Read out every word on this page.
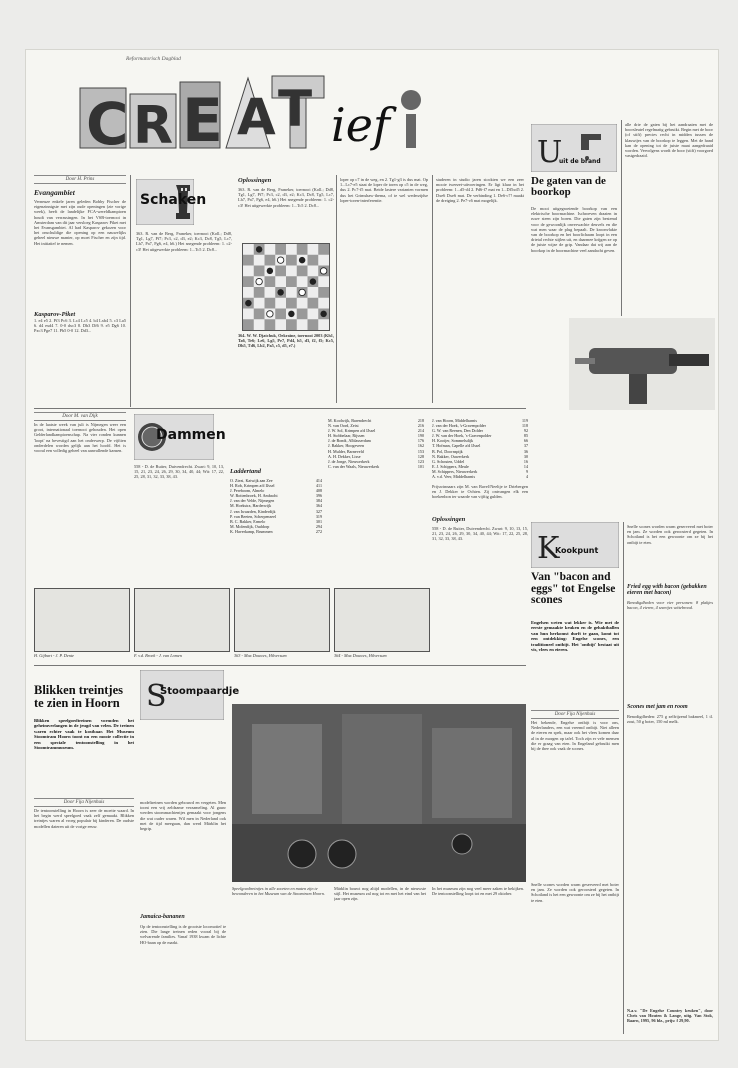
Reformatorisch Dagblad
C R E A T ief
Door H. Prins
Evangambiet
Verneuze enkele jaren geleden Bobby Fischer de eigenzinnigste met zijn oude openingen (zie vorige week), heeft de landelijke FCA-wereldkampioen houdt van verrassingen. In het VSB-toernooi in Amsterdam van dit jaar versloeg Kasparov Piket met het Evansgambiet. Al had Kasparov gekozen voor het onschuldige die opening op een nauwelijks geheel nieuwe manier, op moet Fischer en zijn tijd. Het initiatief te nemen.
Kasparov-Piket
1. e4 e5 2. Pf3 Pc6 3. Lc4 Lc5 4. b4 Lxb4 5. c3 La5 6. d4 exd4 7. 0-0 dxc3 8. Db3 Df6 9. e5 Dg6 10. Pxc3 Pge7 11. Pb5 0-0 12. Dd3...
Schaken
363. R. van de Berg, Franeker, toernooi (Koll.; Dd8, Tg1, Lg7, Pf7; Pc3, c2, d3, e2; Kc3, Dc8, Tg5, Lc7, Lh7, Pa7, Pg6, e4, h6.) Het snegende probleem: 1. c2-c3! Het uitgewerkte probleem: 1...Tc5 2. Dc8...
Oplossingen
363. R. van de Berg, Franeker, toernooi (Koll.; Dd8, Tg1, Lg7, Pf7; Pc3, c2, d3, e2; Kc3, Dc8, Tg5, Lc7, Lh7, Pa7, Pg6, e4, h6.) Het snegende probleem: 1. c2-c3! Het uitgewerkte probleem: 1...Tc5 2. Dc8...
364. W. W. Djatchuk, Oekraïne, toernooi 2003 (Kh1, Ta6, Te6; Le6, Lg5, Pe7, Pd4, h5, d3, f2, f5; Kc5, Dh5, Td6, Lb2, Pa5, c5, d5, e7.)
loper op c7 in de weg, en 2. Tg1-g3 is dus mat. Op 1...Lc7-e5 staat de loper de toren op c5 in de weg, dus 2. Pc7-f5 mat. Beide lastere varianten vormen dus het Grimshaw-thema, of te wel wederzijdse loper-toren-interferentie.
studeren in studio jaren stockten we een zeer mooie tweezet-uitvoeringen. Er ligt klaar in het probleem: 1...d5-d4 2. Pd6-f7 mat en 1...Df5xd5 2. Dxe6 Dxe6 mat. De verbinding 1. De6-c7! maakt de dreiging 2. Pe7-c6 mat mogelijk.
U
uit de brand
De gaten van de boorkop
De mooi uitgegroeiende boorkop van een elektrische boormachine. Ischroeven draaien in ruwe steen zijn boren. Die gaten zijn bestemd voor de gewoonlijk onverwachte deuvels en die wat men waar de plug bepaalt. De kroonvlakte van de boorkop en het boorlichaam loopt in een drietal rechte stijlen uit, en daarmee krijgen ze op de juiste wijze de grip. Vandaar dat wij aan de boorkop in de boormachine veel aandacht geven.
alle drie de gaten bij het aandraaien met de boorsleutel regelmatig gebruikt. Begin met de boor (of stift) precies recht in midden tussen de klauwtjes van de boorkop te leggen. Met de hand kan de opening tot de juiste maat aangedraaid worden. Vervolgens wordt de boor (stift) voorgoed vastgedraaid.
Door M. van Dijk
In de laatste week van juli is Nijmegen weer een groot, internationaal toernooi gehouden. Het open Gelderlandkampioenschap. Na vier ronden kunnen 'loopt' na bevestigd aan het onderwerp. De vijftien onderdelen worden gelijk aan het hoofd. Het is vooral een volledig geheel van aanvallende kansen.
Dammen
558 - D. de Ruiter, Duivendrecht. Zwart: 9, 10, 13, 15, 21, 23, 24, 26, 29, 30, 34, 40, 44; Wit: 17, 22, 25, 28, 31, 32, 33, 38, 43.
Laddertand
O. Ziezi, Katwijk aan Zee	414
H. Rob, Krimpen a/d IJssel	411
J. Pereboom, Almelo	408
W. Bottenbroek, H. Ambacht	396
J. van der Velde, Nijmegen	384
M. Hoekstra, Harderwijk	364
J. van Iwaarden, Kinderdijk	327
P. van Beeten, Scherpenzeel	319
B. C. Bakker, Ermelo	301
M. Molendijk, Ouddorp	294
K. Haverkamp, Brummen	272
M. Koolwijk, Barendrecht	218
N. van Oord, Zeist	216
J. W. Sol, Krimpen a/d IJssel	214
H. Stobbelaar, Rijssen	190
J. de Bondt, Alblasserdam	176
J. Bakker, Hoogeveen	162
H. Mulder, Barneveld	153
A. H. Dekker, Lisse	128
J. de Jonge, Nieuwerkerk	123
C. van der Waals, Nieuwerkerk	101
J. van Hoorn, Middelharnis	119
J. van der Hoek, 's-Gravenpolder	118
G. W. van Reenen, Den Dolder	92
J. W. van der Hoek, 's-Gravenpolder	85
H. Kooijer, Sommelsdijk	66
T. Hofman, Capelle a/d IJssel	37
B. Pol, Doornspijk	36
N. Bakker, Ouwerkerk	30
G. Schouten, Uddel	16
E. J. Schippers, Meule	14
M. Schippers, Nieuwerkerk	9
A. v.d. Veer, Middelharnis	4
Prijswinnaars zijn M. van Bavel/Neeltje te Driebergen en J. Dekker te Ochten. Zij ontvangen elk een boekenbon ter waarde van vijftig gulden.
Oplossingen
558 - D. de Ruiter, Duivendrecht. Zwart: 9, 10, 13, 15, 21, 23, 24, 26, 29, 30, 34, 40, 44; Wit: 17, 22, 25, 28, 31, 32, 33, 38, 43.
H. Gijbart - J. P. Dente	F. v.d. Broek - J. van Lomen	363 - Max Douwes, Hilversum	364 - Max Douwes, Hilversum
K
Kookpunt
Van "bacon and eggs" tot Engelse scones
Engelsen weten wat lekker is. Wie met de eerste gemaakte keuken en de gehaktballen van hun herkomst durft te gaan, komt tot een ontdekking: Engelse scones, een traditioneel ontbijt. Het 'ontbijt' bestaat uit vis, vlees en eieren.
Door Fija Nijenhuis
Het bekende, Engelse ontbijt is voor ons, Nederlanders, een wat vreemd ontbijt. Niet alleen de eieren en spek, maar ook het vlees komen daar al in de morgen op tafel. Toch zijn er vele mensen die er graag van eten. In Engeland gebruikt men bij de thee ook vaak de scones.
Snelle scones worden warm geserveerd met boter en jam. Ze worden ook geroosterd gegeten. In Schotland is het een gewoonte om ze bij het ontbijt te eten.
Snelle scones worden warm geserveerd met boter en jam. Ze worden ook geroosterd gegeten. In Schotland is het een gewoonte om ze bij het ontbijt te eten.
Fried egg with bacon (gebakken eieren met bacon)
Benodigdheden voor vier personen: 8 plakjes bacon, 4 eieren, 4 sneetjes wittebrood.
Scones met jam en room
Benodigdheden: 275 g zelfrijzend bakmeel, 1 tl. zout, 50 g boter, 150 ml melk.
N.a.v. "De Engelse Country keuken", door Chris van Houten & Lange, uitg. Van Stok, Baarn, 1995, 96 blz., prijs: f 29,90.
Blikken treintjes te zien in Hoorn
Blikken speelgoedtreinen vormden het geheimverlangen in de jeugd van velen. De treinen waren echter vaak te kostbaar. Het Museum Stoomtram Hoorn toont nu een mooie collectie in een speciale tentoonstelling in het Stoomtrammuseum.
Door Fija Nijenhuis
De tentoonstelling in Hoorn is zeer de moeite waard. In het begin werd speelgoed vaak zelf gemaakt. Blikken treintjes waren al vroeg populair bij kinderen. De oudste modellen dateren uit de vorige eeuw.
S
Stoompaardje
modeltreinen worden gebouwd en vergeten. Men toont een vrij zeldzame verzameling. Al gauw werden stoommachientjes gemaakt voor jongens die wat ouder waren. Wil men in Nederland ook met de tijd meegaan, dan werd Märklin het begrip.
Jamaica-bananen
Op de tentoonstelling is de grootste locomotief te zien. Die lange treinen reden vooral bij de welvarende families. Vanaf 1938 kwam de lichte HO-baan op de markt.
Speelgoedtreintjes in alle soorten en maten zijn te bewonderen in het Museum van de Stoomtram Hoorn.
Märklin bouwt nog altijd modellen, in de nieuwste stijl. Het museum zal nog tot en met het eind van het jaar open zijn.
In het museum zijn nog veel meer zaken te bekijken. De tentoonstelling loopt tot en met 29 oktober.
